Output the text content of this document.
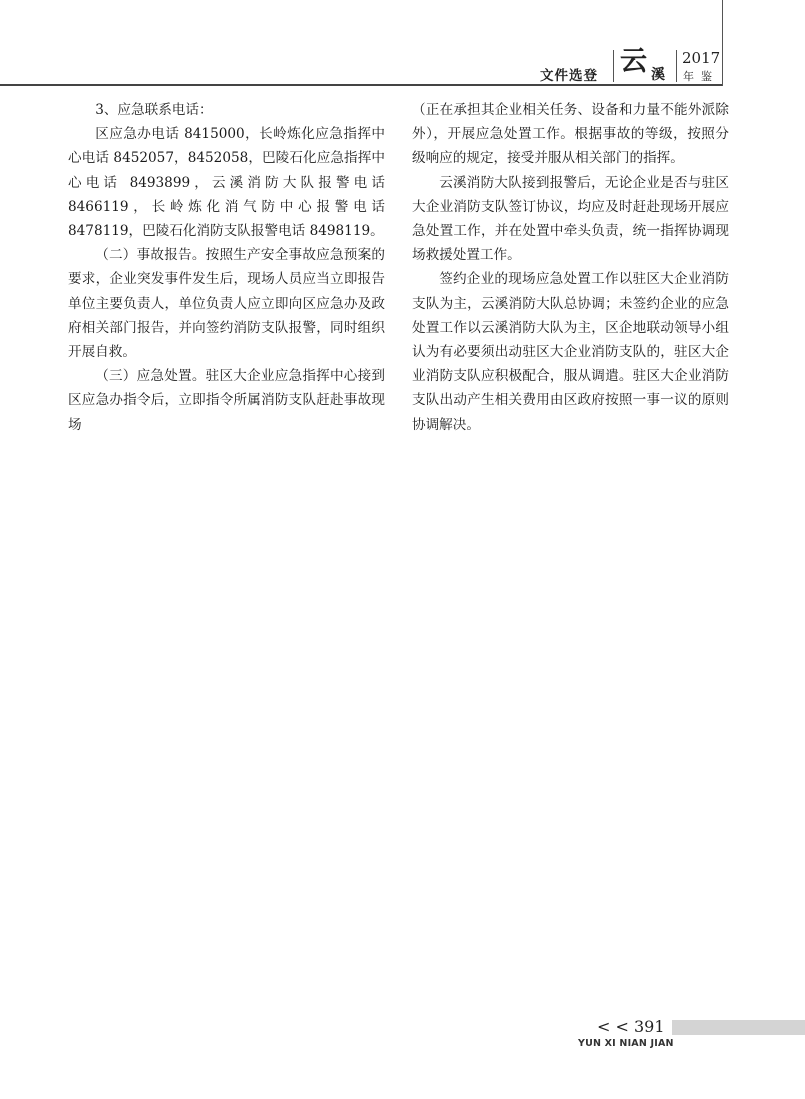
文件选登 云 溪
2017
年鉴

3、应急联系电话：

区应急办电话 8415000，长岭炼化应急指挥中心电话 8452057，8452058，巴陵石化应急指挥中心电话 8493899，云溪消防大队报警电话 8466119，长岭炼化消气防中心报警电话 8478119，巴陵石化消防支队报警电话 8498119。

（二）事故报告。按照生产安全事故应急预案的要求，企业突发事件发生后，现场人员应当立即报告单位主要负责人，单位负责人应立即向区应急办及政府相关部门报告，并向签约消防支队报警，同时组织开展自救。

（三）应急处置。驻区大企业应急指挥中心接到区应急办指令后，立即指令所属消防支队赶赴事故现场

（正在承担其企业相关任务、设备和力量不能外派除外），开展应急处置工作。根据事故的等级，按照分级响应的规定，接受并服从相关部门的指挥。

云溪消防大队接到报警后，无论企业是否与驻区大企业消防支队签订协议，均应及时赶赴现场开展应急处置工作，并在处置中牵头负责，统一指挥协调现场救援处置工作。

签约企业的现场应急处置工作以驻区大企业消防支队为主，云溪消防大队总协调；未签约企业的应急处置工作以云溪消防大队为主，区企地联动领导小组认为有必要须出动驻区大企业消防支队的，驻区大企业消防支队应积极配合，服从调遣。驻区大企业消防支队出动产生相关费用由区政府按照一事一议的原则协调解决。

< < 391
YUN XI NIAN JIAN
